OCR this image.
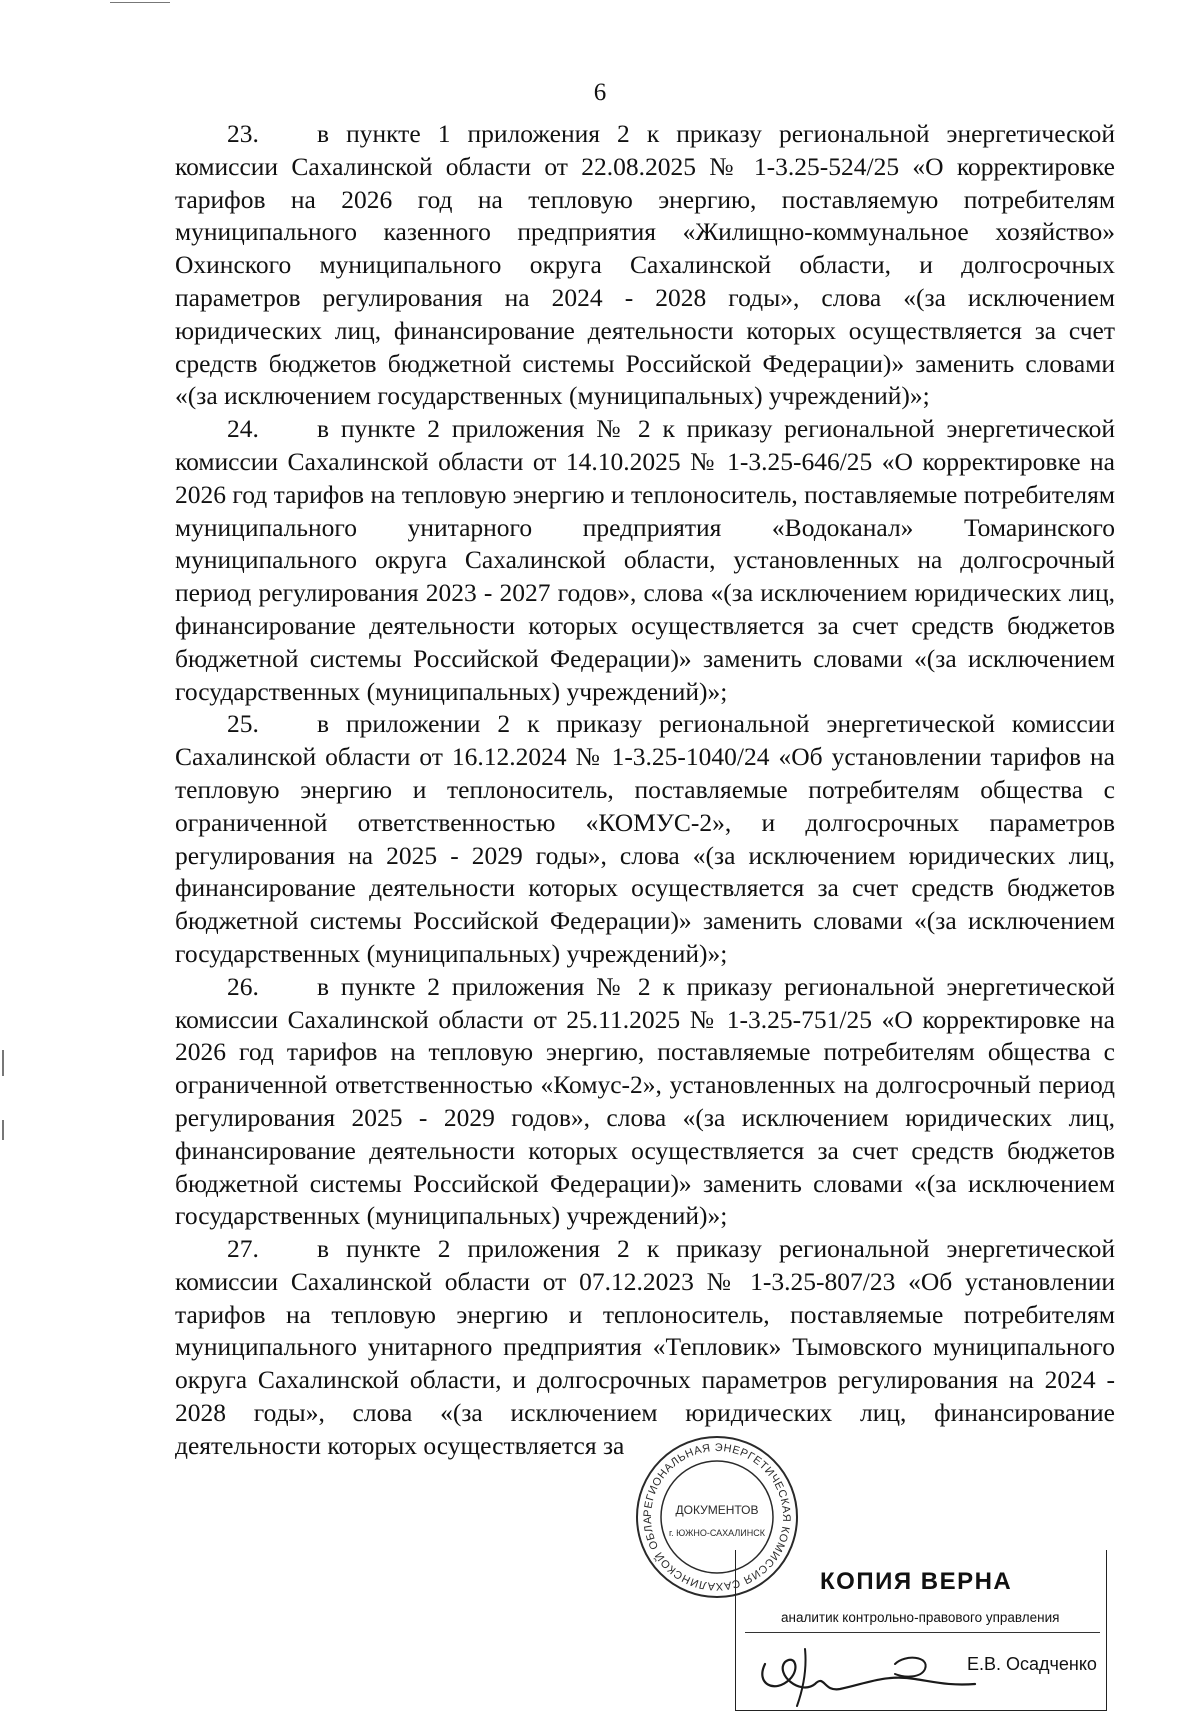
6

23. в пункте 1 приложения 2 к приказу региональной энергетической комиссии Сахалинской области от 22.08.2025 № 1-3.25-524/25 «О корректировке тарифов на 2026 год на тепловую энергию, поставляемую потребителям муниципального казенного предприятия «Жилищно-коммунальное хозяйство» Охинского муниципального округа Сахалинской области, и долгосрочных параметров регулирования на 2024 - 2028 годы», слова «(за исключением юридических лиц, финансирование деятельности которых осуществляется за счет средств бюджетов бюджетной системы Российской Федерации)» заменить словами «(за исключением государственных (муниципальных) учреждений)»;

24. в пункте 2 приложения № 2 к приказу региональной энергетической комиссии Сахалинской области от 14.10.2025 № 1-3.25-646/25 «О корректировке на 2026 год тарифов на тепловую энергию и теплоноситель, поставляемые потребителям муниципального унитарного предприятия «Водоканал» Томаринского муниципального округа Сахалинской области, установленных на долгосрочный период регулирования 2023 - 2027 годов», слова «(за исключением юридических лиц, финансирование деятельности которых осуществляется за счет средств бюджетов бюджетной системы Российской Федерации)» заменить словами «(за исключением государственных (муниципальных) учреждений)»;

25. в приложении 2 к приказу региональной энергетической комиссии Сахалинской области от 16.12.2024 № 1-3.25-1040/24 «Об установлении тарифов на тепловую энергию и теплоноситель, поставляемые потребителям общества с ограниченной ответственностью «КОМУС-2», и долгосрочных параметров регулирования на 2025 - 2029 годы», слова «(за исключением юридических лиц, финансирование деятельности которых осуществляется за счет средств бюджетов бюджетной системы Российской Федерации)» заменить словами «(за исключением государственных (муниципальных) учреждений)»;

26. в пункте 2 приложения № 2 к приказу региональной энергетической комиссии Сахалинской области от 25.11.2025 № 1-3.25-751/25 «О корректировке на 2026 год тарифов на тепловую энергию, поставляемые потребителям общества с ограниченной ответственностью «Комус-2», установленных на долгосрочный период регулирования 2025 - 2029 годов», слова «(за исключением юридических лиц, финансирование деятельности которых осуществляется за счет средств бюджетов бюджетной системы Российской Федерации)» заменить словами «(за исключением государственных (муниципальных) учреждений)»;

27. в пункте 2 приложения 2 к приказу региональной энергетической комиссии Сахалинской области от 07.12.2023 № 1-3.25-807/23 «Об установлении тарифов на тепловую энергию и теплоноситель, поставляемые потребителям муниципального унитарного предприятия «Тепловик» Тымовского муниципального округа Сахалинской области, и долгосрочных параметров регулирования на 2024 - 2028 годы», слова «(за исключением юридических лиц, финансирование деятельности которых осуществляется за

РЕГИОНАЛЬНАЯ ЭНЕРГЕТИЧЕСКАЯ КОМИССИЯ САХАЛИНСКОЙ ОБЛА
ДОКУМЕНТОВ
г. ЮЖНО-САХАЛИНСК
КОПИЯ ВЕРНА
аналитик контрольно-правового управления
Е.В. Осадченко
